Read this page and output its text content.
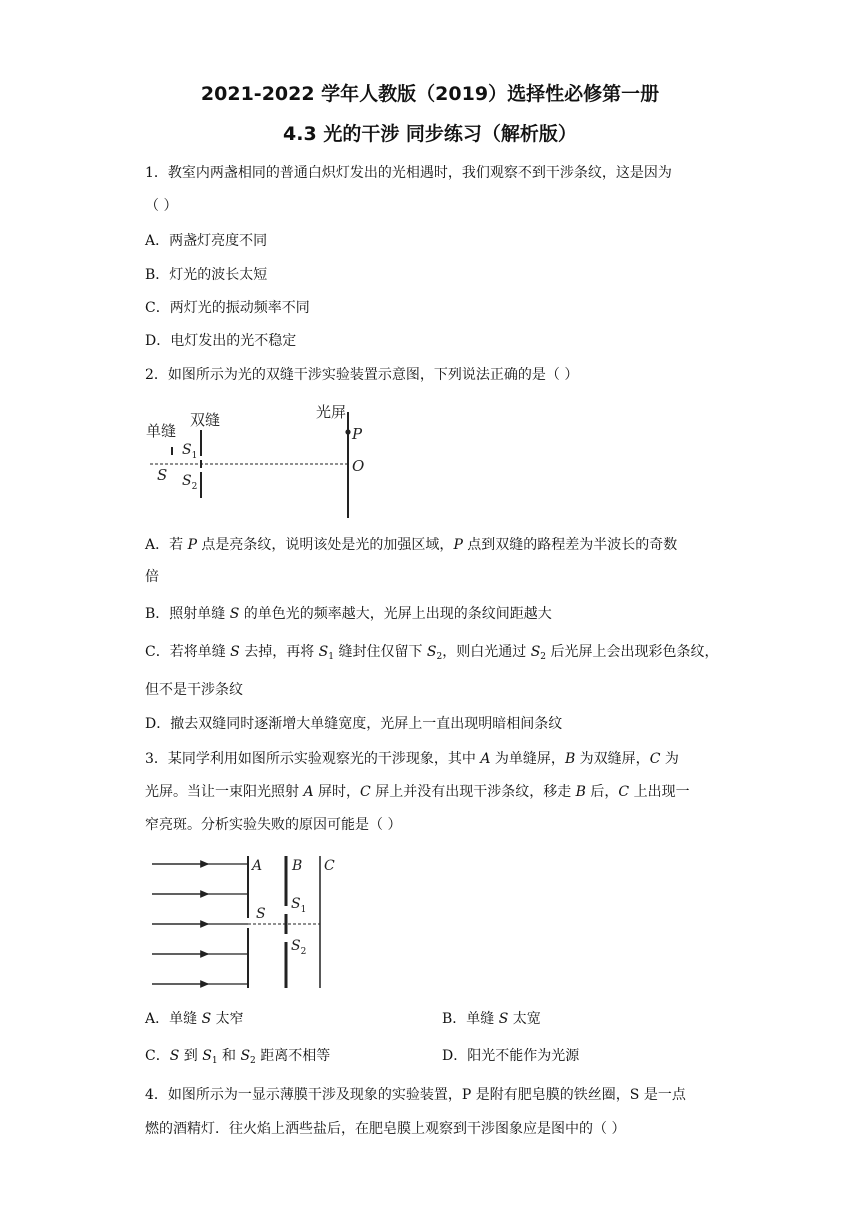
2021-2022 学年人教版（2019）选择性必修第一册
4.3 光的干涉 同步练习（解析版）
1．教室内两盏相同的普通白炽灯发出的光相遇时，我们观察不到干涉条纹，这是因为
（ ）
A．两盏灯亮度不同
B．灯光的波长太短
C．两灯光的振动频率不同
D．电灯发出的光不稳定
2．如图所示为光的双缝干涉实验装置示意图，下列说法正确的是（ ）
单缝
双缝	光屏
P
O
S
$S_1$
$S_2$
A．若 P 点是亮条纹，说明该处是光的加强区域，P 点到双缝的路程差为半波长的奇数
倍
B．照射单缝 S 的单色光的频率越大，光屏上出现的条纹间距越大
C．若将单缝 S 去掉，再将 $S_1$ 缝封住仅留下 $S_2$，则白光通过 $S_2$ 后光屏上会出现彩色条纹，
但不是干涉条纹
D．撤去双缝同时逐渐增大单缝宽度，光屏上一直出现明暗相间条纹
3．某同学利用如图所示实验观察光的干涉现象，其中 A 为单缝屏，B 为双缝屏，C 为
光屏。当让一束阳光照射 A 屏时，C 屏上并没有出现干涉条纹，移走 B 后，C 上出现一
窄亮斑。分析实验失败的原因可能是（ ）
A B C
S
$S_1$
$S_2$
A．单缝 S 太窄	B．单缝 S 太宽
C．S 到 $S_1$ 和 $S_2$ 距离不相等	D．阳光不能作为光源
4．如图所示为一显示薄膜干涉及现象的实验装置，P 是附有肥皂膜的铁丝圈，S 是一点
燃的酒精灯．往火焰上洒些盐后，在肥皂膜上观察到干涉图象应是图中的（ ）
